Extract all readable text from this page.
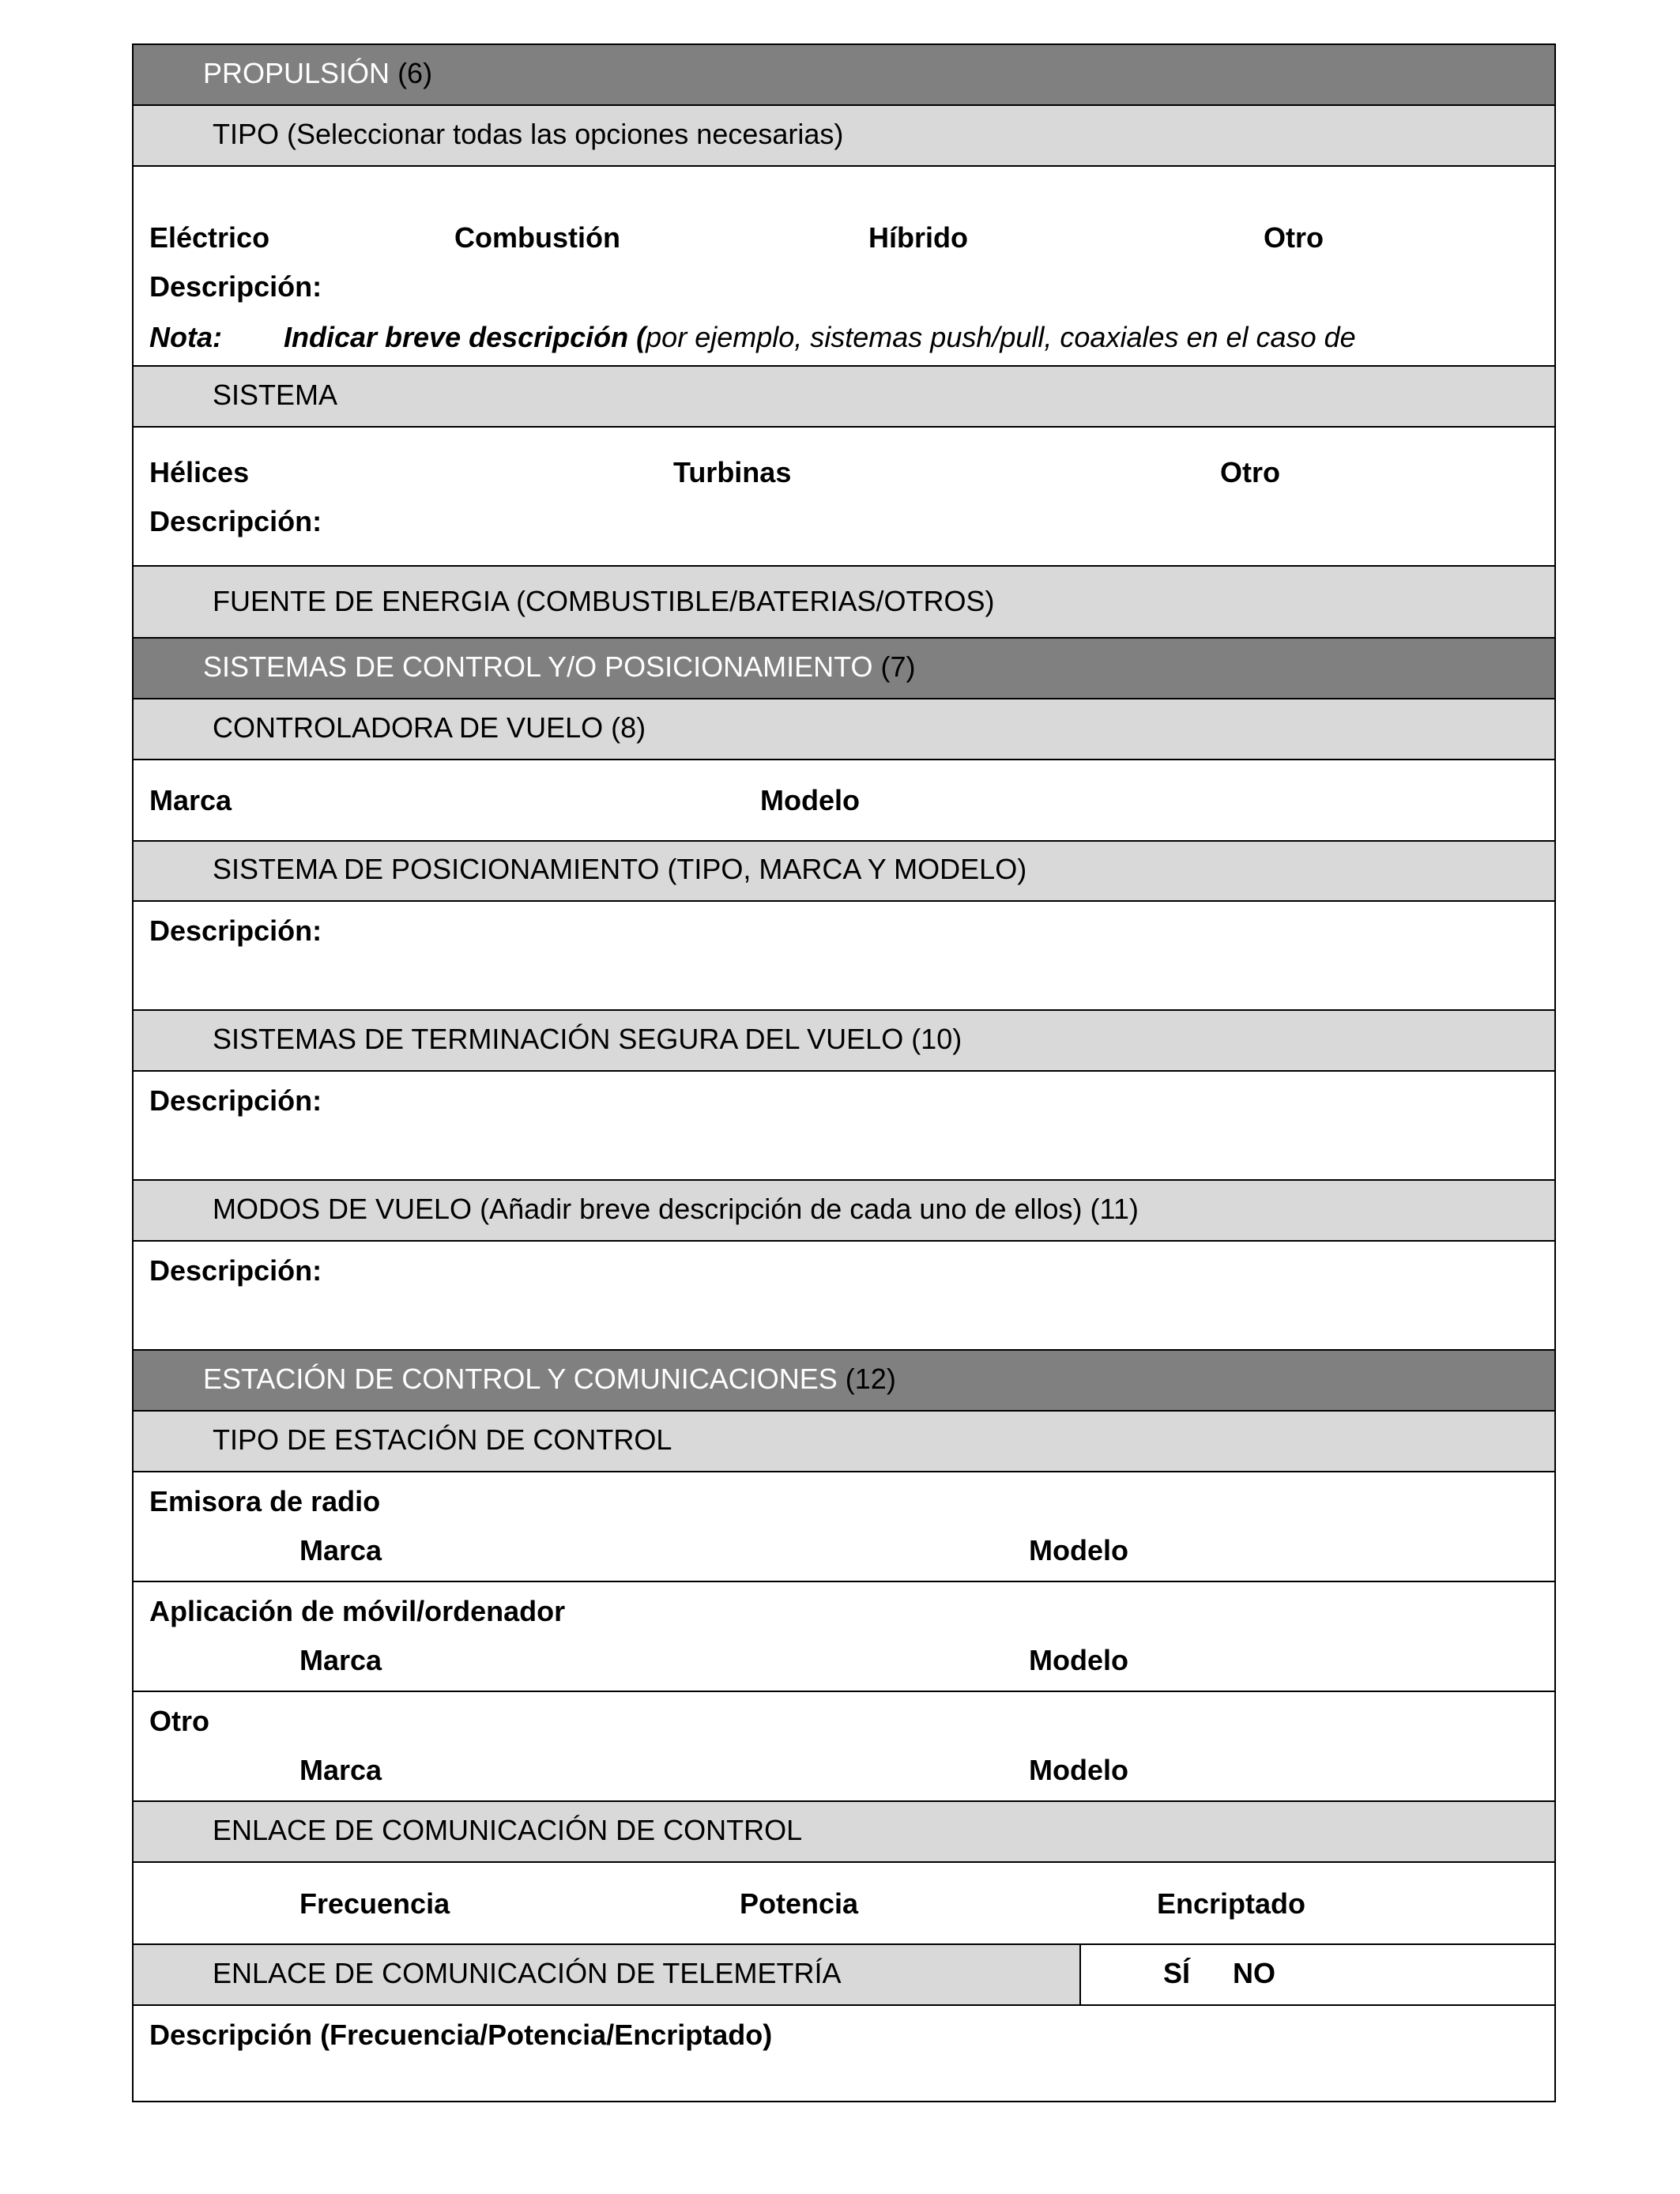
PROPULSIÓN (6)
TIPO (Seleccionar todas las opciones necesarias)
Eléctrico	Combustión	Híbrido	Otro
Descripción:
Nota: Indicar breve descripción (por ejemplo, sistemas push/pull, coaxiales en el caso de
SISTEMA
Hélices	Turbinas	Otro
Descripción:
FUENTE DE ENERGIA (COMBUSTIBLE/BATERIAS/OTROS)
SISTEMAS DE CONTROL Y/O POSICIONAMIENTO (7)
CONTROLADORA DE VUELO (8)
Marca	Modelo
SISTEMA DE POSICIONAMIENTO (TIPO, MARCA Y MODELO)
Descripción:
SISTEMAS DE TERMINACIÓN SEGURA DEL VUELO (10)
Descripción:
MODOS DE VUELO (Añadir breve descripción de cada uno de ellos) (11)
Descripción:
ESTACIÓN DE CONTROL Y COMUNICACIONES (12)
TIPO DE ESTACIÓN DE CONTROL
Emisora de radio
Marca	Modelo
Aplicación de móvil/ordenador
Marca	Modelo
Otro
Marca	Modelo
ENLACE DE COMUNICACIÓN DE CONTROL
Frecuencia	Potencia	Encriptado
ENLACE DE COMUNICACIÓN DE TELEMETRÍA	SÍ NO
Descripción (Frecuencia/Potencia/Encriptado)
